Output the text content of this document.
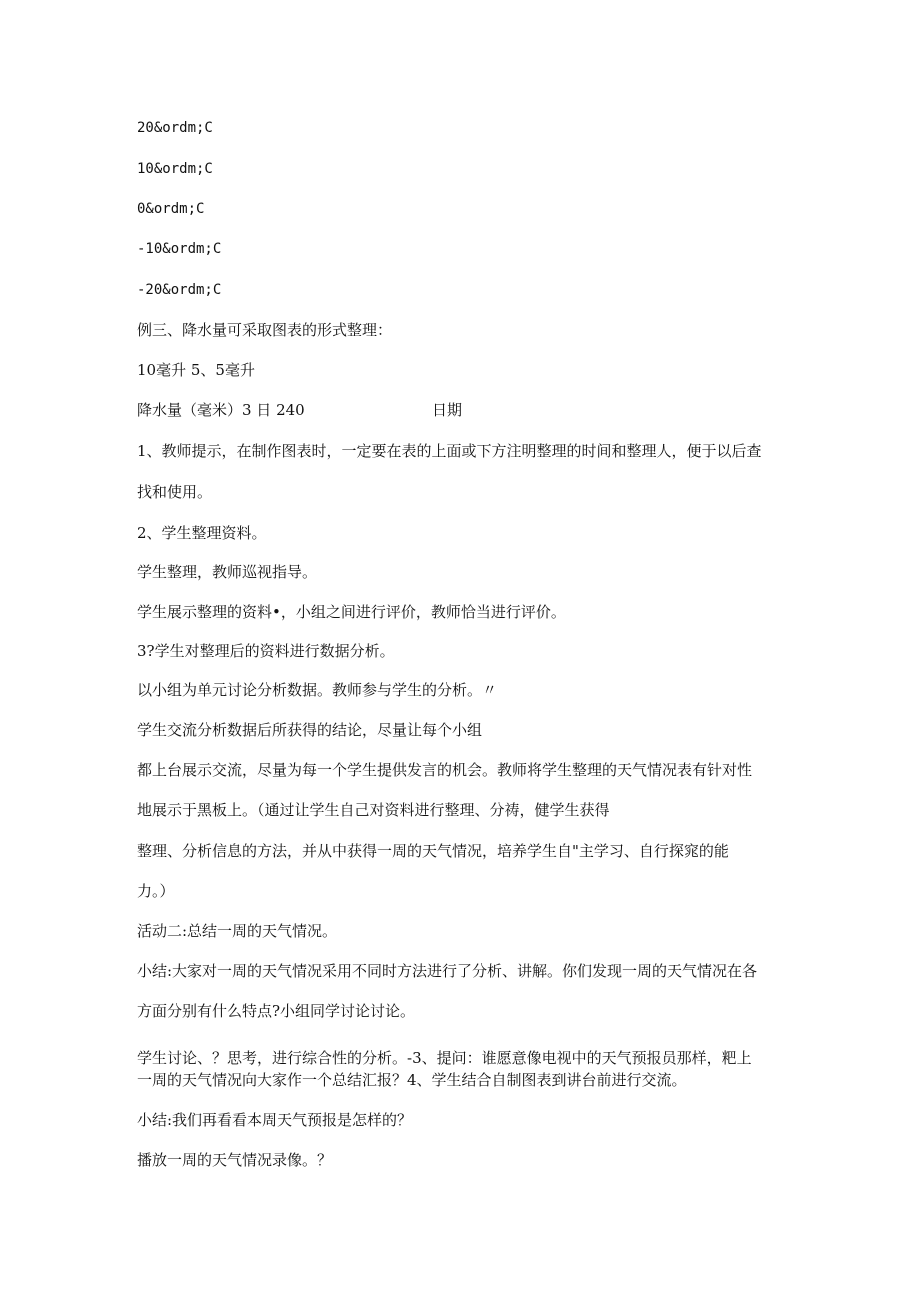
20&ordm;C

10&ordm;C

0&ordm;C

-10&ordm;C

-20&ordm;C

例三、降水量可采取图表的形式整理：

10毫升 5、5毫升

降水量（毫米）3 日 240	日期

1、教师提示，在制作图表时，一定要在表的上面或下方注明整理的时间和整理人，便于以后查

找和使用。

2、学生整理资料。

学生整理，教师巡视指导。

学生展示整理的资料•，小组之间进行评价，教师恰当进行评价。

3?学生对整理后的资料进行数据分析。

以小组为单元讨论分析数据。教师参与学生的分析。〃

学生交流分析数据后所获得的结论，尽量让每个小组

都上台展示交流，尽量为每一个学生提供发言的机会。教师将学生整理的天气情况表有针对性

地展示于黑板上。（通过让学生自己对资料进行整理、分祷，健学生获得

整理、分析信息的方法，并从中获得一周的天气情况，培养学生自"主学习、自行探窕的能

力。）

活动二:总结一周的天气情况。

小结:大家对一周的天气情况采用不同时方法进行了分析、讲解。你们发现一周的天气情况在各

方面分别有什么特点?小组同学讨论讨论。

学生讨论、？思考，进行综合性的分析。-3、提问：谁愿意像电视中的天气预报员那样，粑上

一周的天气情况向大家作一个总结汇报？4、学生结合自制图表到讲台前进行交流。

小结:我们再看看本周天气预报是怎样的？

播放一周的天气情况录像。？
